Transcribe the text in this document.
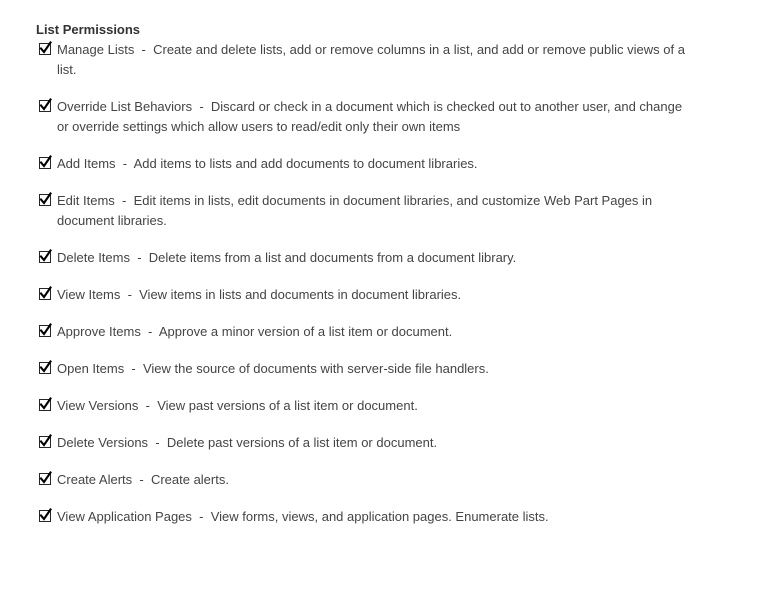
List Permissions
Manage Lists  -  Create and delete lists, add or remove columns in a list, and add or remove public views of a list.
Override List Behaviors  -  Discard or check in a document which is checked out to another user, and change or override settings which allow users to read/edit only their own items
Add Items  -  Add items to lists and add documents to document libraries.
Edit Items  -  Edit items in lists, edit documents in document libraries, and customize Web Part Pages in document libraries.
Delete Items  -  Delete items from a list and documents from a document library.
View Items  -  View items in lists and documents in document libraries.
Approve Items  -  Approve a minor version of a list item or document.
Open Items  -  View the source of documents with server-side file handlers.
View Versions  -  View past versions of a list item or document.
Delete Versions  -  Delete past versions of a list item or document.
Create Alerts  -  Create alerts.
View Application Pages  -  View forms, views, and application pages. Enumerate lists.
